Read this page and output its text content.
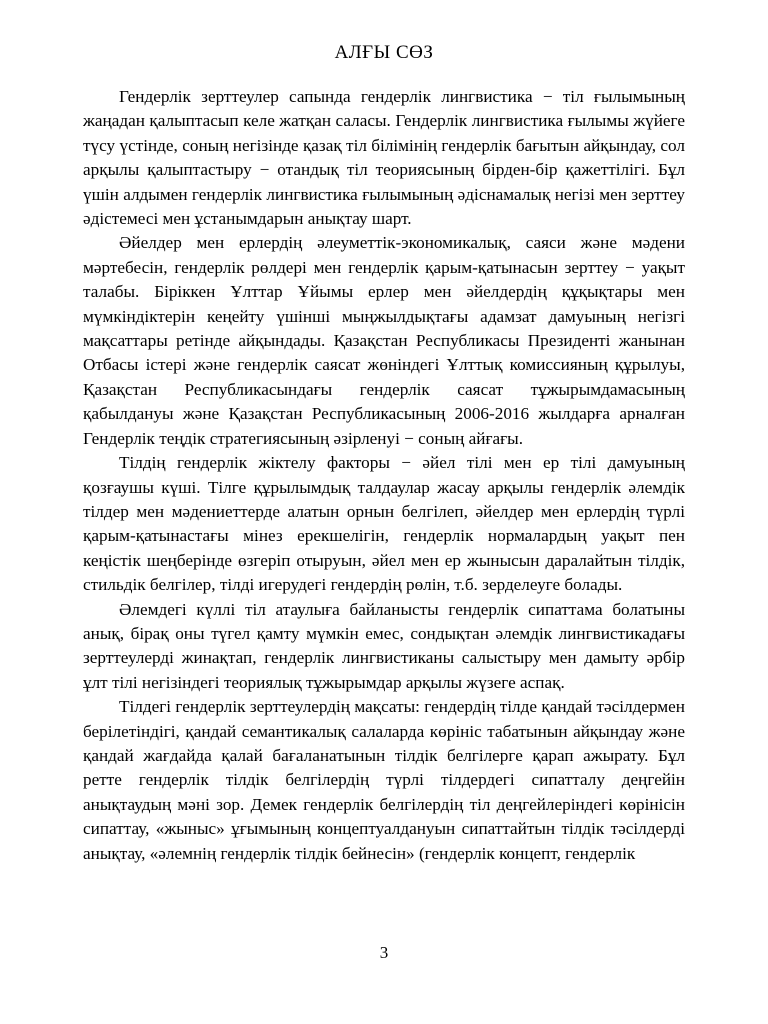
АЛҒЫ СӨЗ

Гендерлік зерттеулер сапында гендерлік лингвистика − тіл ғылымының жаңадан қалыптасып келе жатқан саласы. Гендерлік лингвистика ғылымы жүйеге түсу үстінде, соның негізінде қазақ тіл білімінің гендерлік бағытын айқындау, сол арқылы қалыптастыру − отандық тіл теориясының бірден-бір қажеттілігі. Бұл үшін алдымен гендерлік лингвистика ғылымының әдіснамалық негізі мен зерттеу әдістемесі мен ұстанымдарын анықтау шарт.

Әйелдер мен ерлердің әлеуметтік-экономикалық, саяси және мәдени мәртебесін, гендерлік рөлдері мен гендерлік қарым-қатынасын зерттеу − уақыт талабы. Біріккен Ұлттар Ұйымы ерлер мен әйелдердің құқықтары мен мүмкіндіктерін кеңейту үшінші мыңжылдықтағы адамзат дамуының негізгі мақсаттары ретінде айқындады. Қазақстан Республикасы Президенті жанынан Отбасы істері және гендерлік саясат жөніндегі Ұлттық комиссияның құрылуы, Қазақстан Республикасындағы гендерлік саясат тұжырымдамасының қабылдануы және Қазақстан Республикасының 2006-2016 жылдарға арналған Гендерлік теңдік стратегиясының әзірленуі − соның айғағы.

Тілдің гендерлік жіктелу факторы − әйел тілі мен ер тілі дамуының қозғаушы күші. Тілге құрылымдық талдаулар жасау арқылы гендерлік әлемдік тілдер мен мәдениеттерде алатын орнын белгілеп, әйелдер мен ерлердің түрлі қарым-қатынастағы мінез ерекшелігін, гендерлік нормалардың уақыт пен кеңістік шеңберінде өзгеріп отыруын, әйел мен ер жынысын даралайтын тілдік, стильдік белгілер, тілді игерудегі гендердің рөлін, т.б. зерделеуге болады.

Әлемдегі күллі тіл атаулыға байланысты гендерлік сипаттама болатыны анық, бірақ оны түгел қамту мүмкін емес, сондықтан әлемдік лингвистикадағы зерттеулерді жинақтап, гендерлік лингвистиканы салыстыру мен дамыту әрбір ұлт тілі негізіндегі теориялық тұжырымдар арқылы жүзеге аспақ.

Тілдегі гендерлік зерттеулердің мақсаты: гендердің тілде қандай тәсілдермен берілетіндігі, қандай семантикалық салаларда көрініс табатынын айқындау және қандай жағдайда қалай бағаланатынын тілдік белгілерге қарап ажырату. Бұл ретте гендерлік тілдік белгілердің түрлі тілдердегі сипатталу деңгейін анықтаудың мәні зор. Демек гендерлік белгілердің тіл деңгейлеріндегі көрінісін сипаттау, «жыныс» ұғымының концептуалдануын сипаттайтын тілдік тәсілдерді анықтау, «әлемнің гендерлік тілдік бейнесін» (гендерлік концепт, гендерлік

3
